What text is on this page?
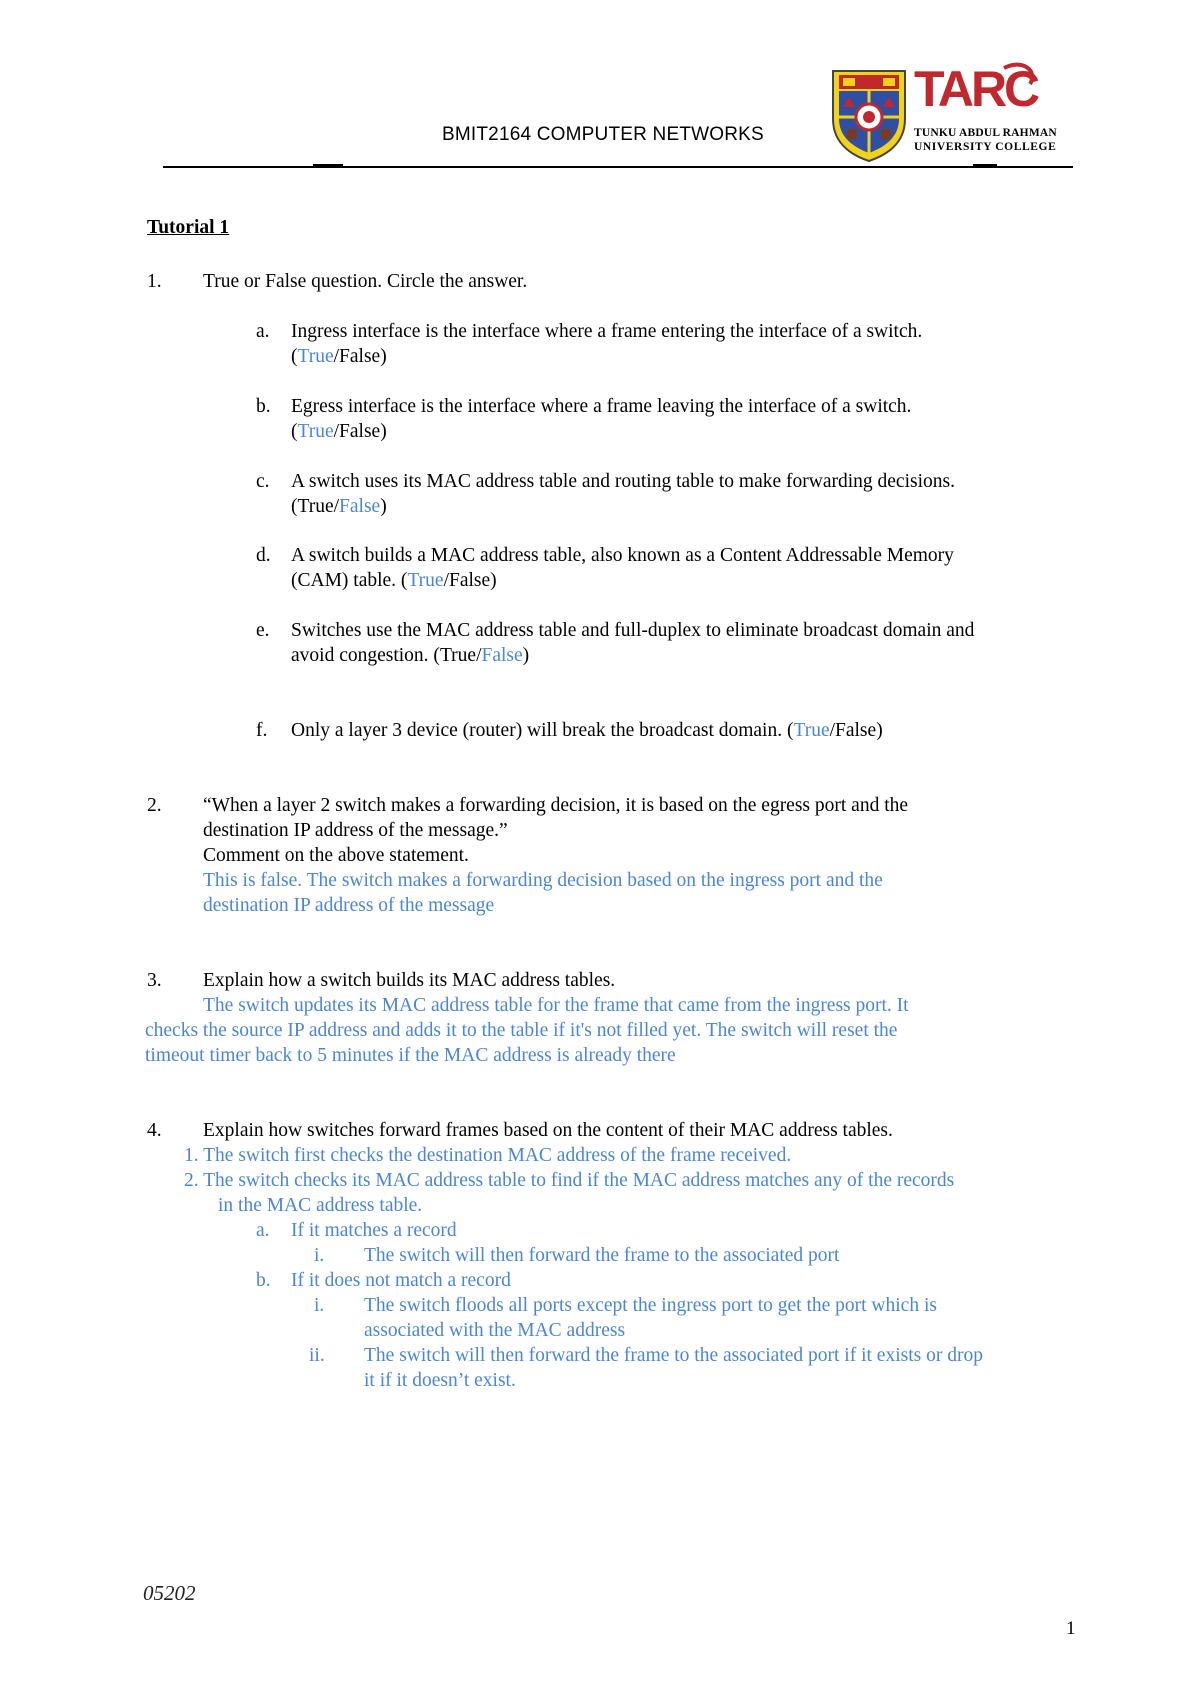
BMIT2164 COMPUTER NETWORKS
TARC
TUNKU ABDUL RAHMAN
UNIVERSITY COLLEGE
Tutorial 1
1. True or False question. Circle the answer.
a. Ingress interface is the interface where a frame entering the interface of a switch.
(True/False)
b. Egress interface is the interface where a frame leaving the interface of a switch.
(True/False)
c. A switch uses its MAC address table and routing table to make forwarding decisions.
(True/False)
d. A switch builds a MAC address table, also known as a Content Addressable Memory
(CAM) table. (True/False)
e. Switches use the MAC address table and full-duplex to eliminate broadcast domain and
avoid congestion. (True/False)
f. Only a layer 3 device (router) will break the broadcast domain. (True/False)
2. “When a layer 2 switch makes a forwarding decision, it is based on the egress port and the
destination IP address of the message.”
Comment on the above statement.
This is false. The switch makes a forwarding decision based on the ingress port and the
destination IP address of the message
3. Explain how a switch builds its MAC address tables.
The switch updates its MAC address table for the frame that came from the ingress port. It
checks the source IP address and adds it to the table if it's not filled yet. The switch will reset the
timeout timer back to 5 minutes if the MAC address is already there
4. Explain how switches forward frames based on the content of their MAC address tables.
1. The switch first checks the destination MAC address of the frame received.
2. The switch checks its MAC address table to find if the MAC address matches any of the records
in the MAC address table.
a. If it matches a record
i. The switch will then forward the frame to the associated port
b. If it does not match a record
i. The switch floods all ports except the ingress port to get the port which is
associated with the MAC address
ii. The switch will then forward the frame to the associated port if it exists or drop
it if it doesn’t exist.
05202
1
